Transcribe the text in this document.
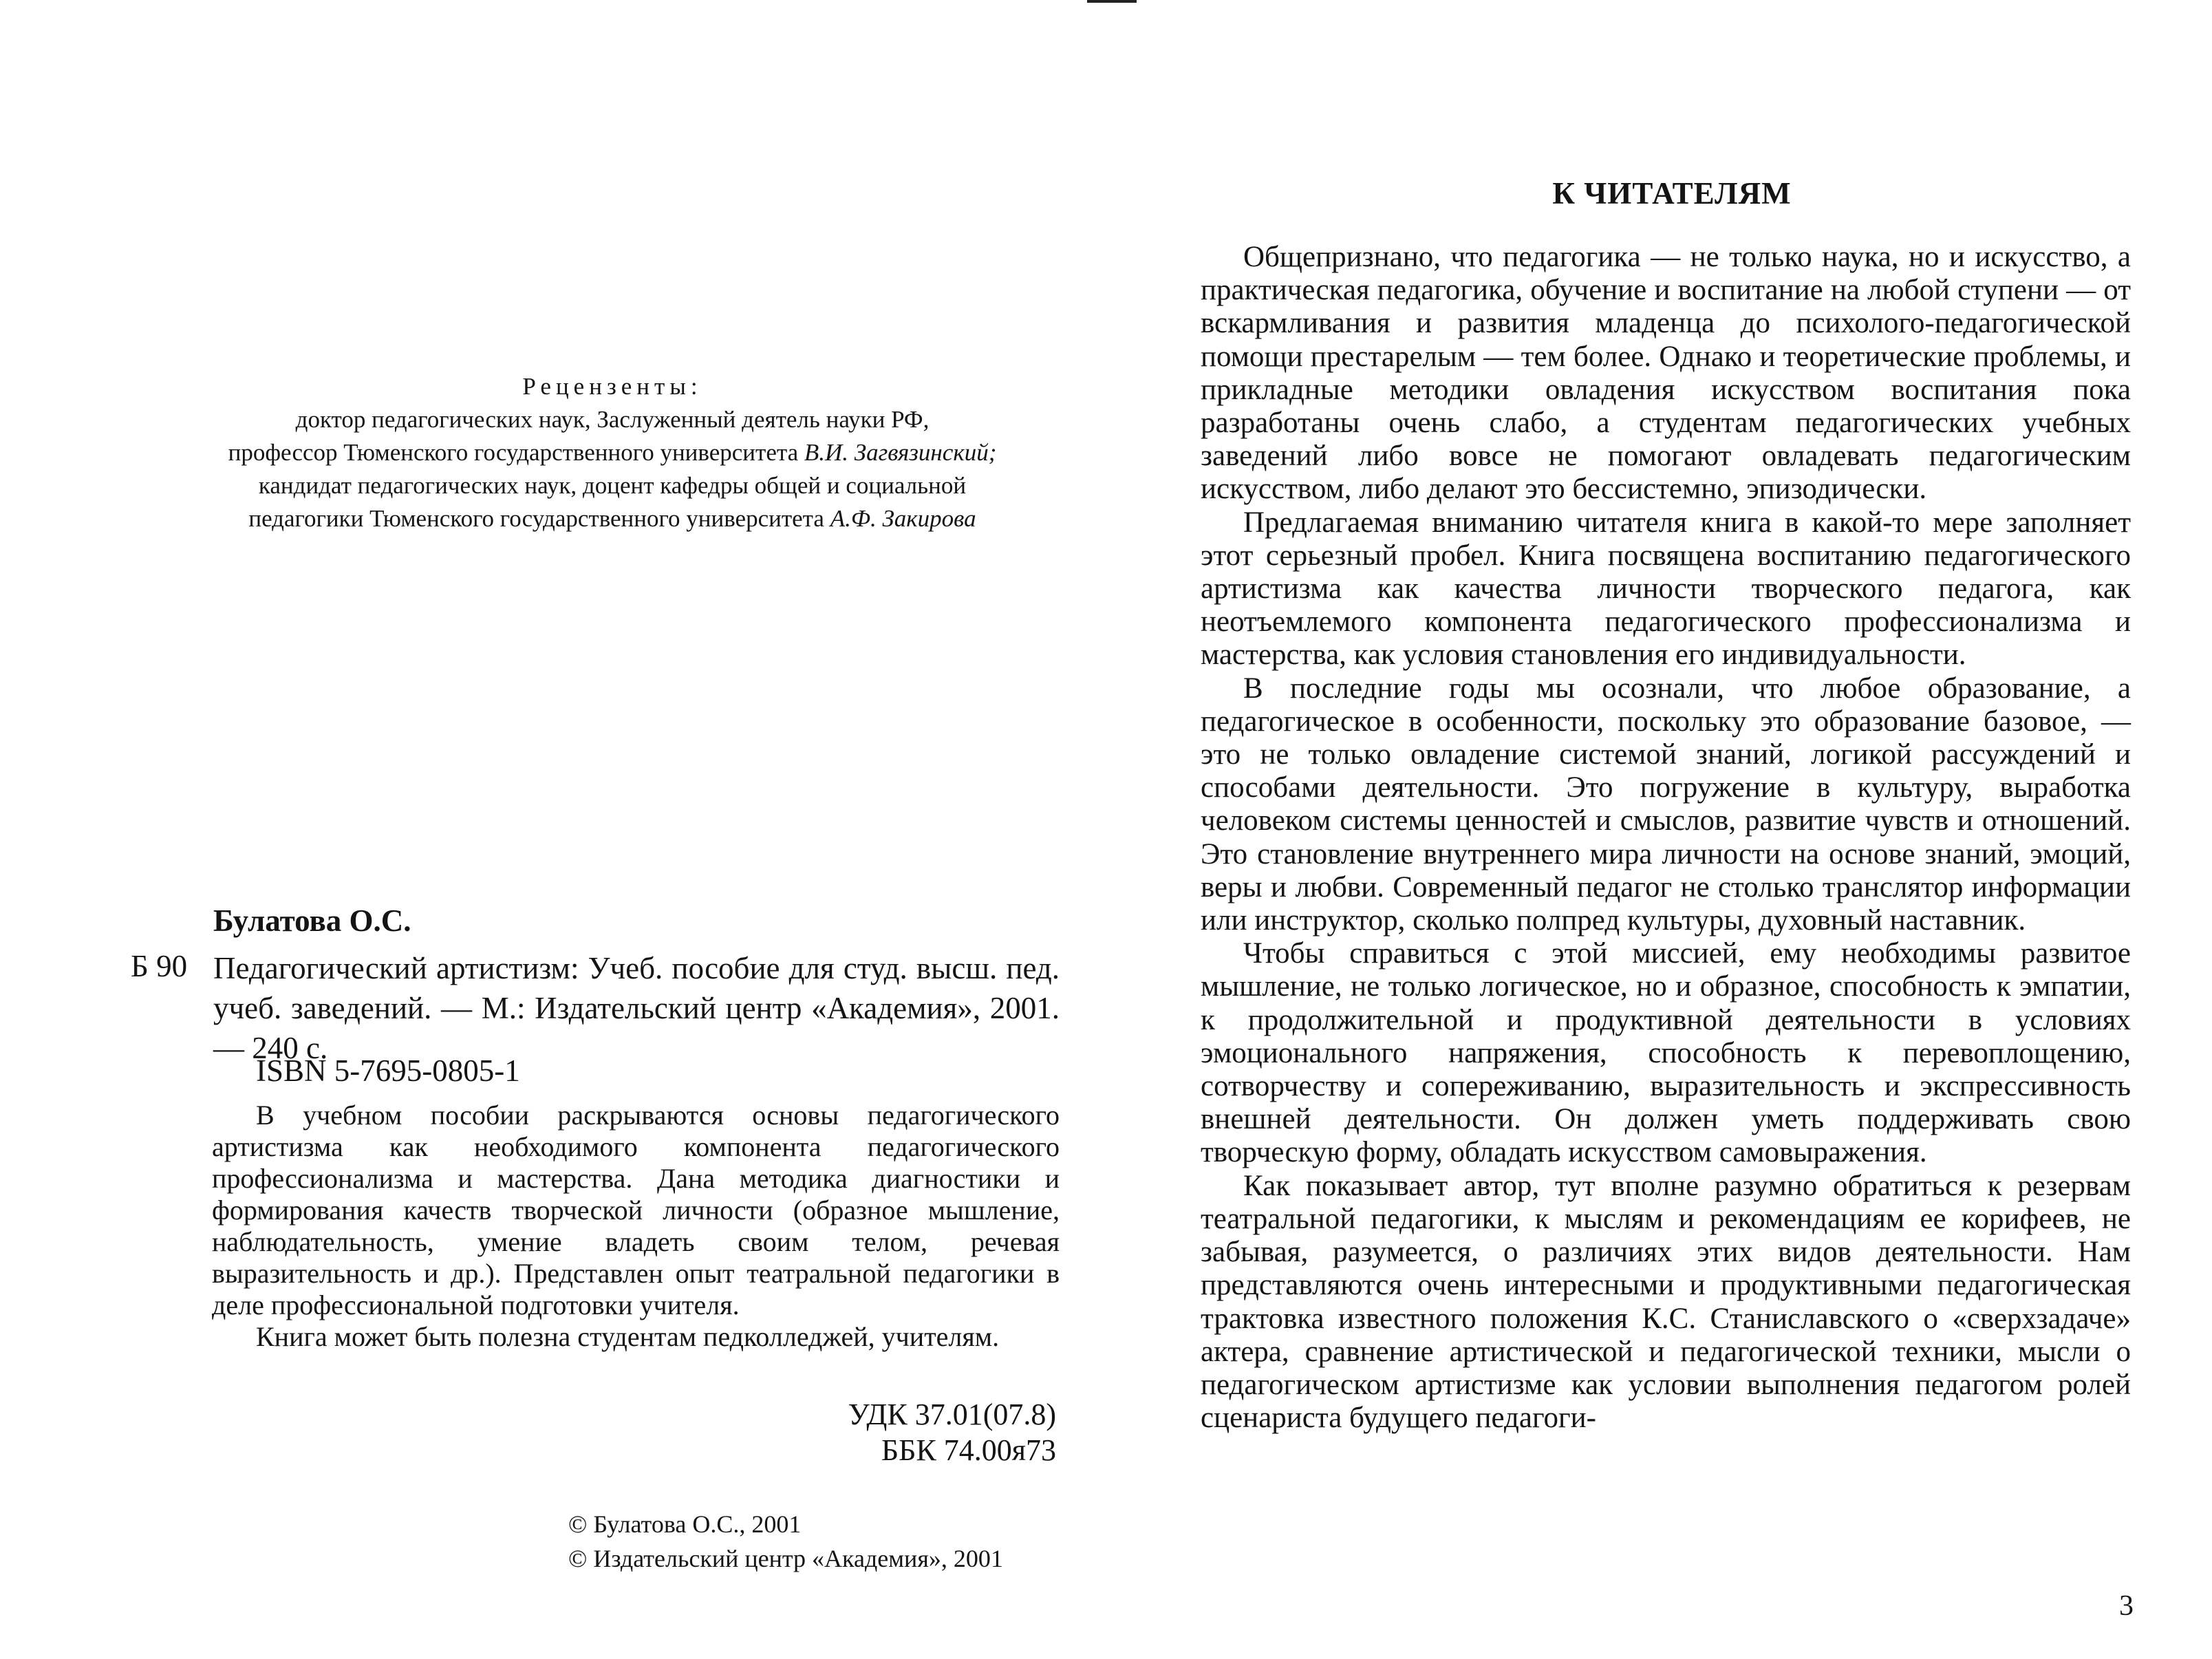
Рецензенты:
доктор педагогических наук, Заслуженный деятель науки РФ,
профессор Тюменского государственного университета В.И. Загвязинский;
кандидат педагогических наук, доцент кафедры общей и социальной
педагогики Тюменского государственного университета А.Ф. Закирова
Булатова О.С.
Б 90 Педагогический артистизм: Учеб. пособие для студ. высш. пед. учеб. заведений. — М.: Издательский центр «Академия», 2001. — 240 с.
ISBN 5-7695-0805-1

В учебном пособии раскрываются основы педагогического артистизма как необходимого компонента педагогического профессионализма и мастерства. Дана методика диагностики и формирования качеств творческой личности (образное мышление, наблюдательность, умение владеть своим телом, речевая выразительность и др.). Представлен опыт театральной педагогики в деле профессиональной подготовки учителя.

Книга может быть полезна студентам педколледжей, учителям.

УДК 37.01(07.8)
ББК 74.00я73
© Булатова О.С., 2001
© Издательский центр «Академия», 2001
К ЧИТАТЕЛЯМ

Общепризнано, что педагогика — не только наука, но и искусство, а практическая педагогика, обучение и воспитание на любой ступени — от вскармливания и развития младенца до психолого-педагогической помощи престарелым — тем более. Однако и теоретические проблемы, и прикладные методики овладения искусством воспитания пока разработаны очень слабо, а студентам педагогических учебных заведений либо вовсе не помогают овладевать педагогическим искусством, либо делают это бессистемно, эпизодически.

Предлагаемая вниманию читателя книга в какой-то мере заполняет этот серьезный пробел. Книга посвящена воспитанию педагогического артистизма как качества личности творческого педагога, как неотъемлемого компонента педагогического профессионализма и мастерства, как условия становления его индивидуальности.

В последние годы мы осознали, что любое образование, а педагогическое в особенности, поскольку это образование базовое, — это не только овладение системой знаний, логикой рассуждений и способами деятельности. Это погружение в культуру, выработка человеком системы ценностей и смыслов, развитие чувств и отношений. Это становление внутреннего мира личности на основе знаний, эмоций, веры и любви. Современный педагог не столько транслятор информации или инструктор, сколько полпред культуры, духовный наставник.

Чтобы справиться с этой миссией, ему необходимы развитое мышление, не только логическое, но и образное, способность к эмпатии, к продолжительной и продуктивной деятельности в условиях эмоционального напряжения, способность к перевоплощению, сотворчеству и сопереживанию, выразительность и экспрессивность внешней деятельности. Он должен уметь поддерживать свою творческую форму, обладать искусством самовыражения.

Как показывает автор, тут вполне разумно обратиться к резервам театральной педагогики, к мыслям и рекомендациям ее корифеев, не забывая, разумеется, о различиях этих видов деятельности. Нам представляются очень интересными и продуктивными педагогическая трактовка известного положения К.С. Станиславского о «сверхзадаче» актера, сравнение артистической и педагогической техники, мысли о педагогическом артистизме как условии выполнения педагогом ролей сценариста будущего педагоги-

3
